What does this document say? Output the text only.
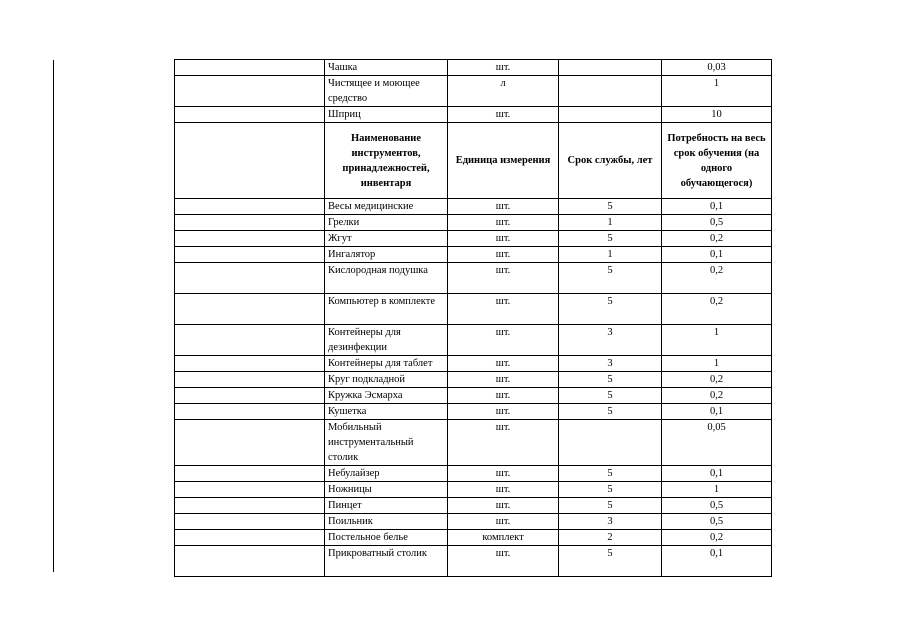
	Чашка	шт.		0,03
	Чистящее и моющее средство	л		1
	Шприц	шт.		10
	Наименование инструментов, принадлежностей, инвентаря	Единица измерения	Срок службы, лет	Потребность на весь срок обучения (на одного обучающегося)
	Весы медицинские	шт.	5	0,1
	Грелки	шт.	1	0,5
	Жгут	шт.	5	0,2
	Ингалятор	шт.	1	0,1
	Кислородная подушка	шт.	5	0,2
	Компьютер в комплекте	шт.	5	0,2
	Контейнеры для дезинфекции	шт.	3	1
	Контейнеры для таблет	шт.	3	1
	Круг подкладной	шт.	5	0,2
	Кружка Эсмарха	шт.	5	0,2
	Кушетка	шт.	5	0,1
	Мобильный инструментальный столик	шт.		0,05
	Небулайзер	шт.	5	0,1
	Ножницы	шт.	5	1
	Пинцет	шт.	5	0,5
	Поильник	шт.	3	0,5
	Постельное белье	комплект	2	0,2
	Прикроватный столик	шт.	5	0,1
